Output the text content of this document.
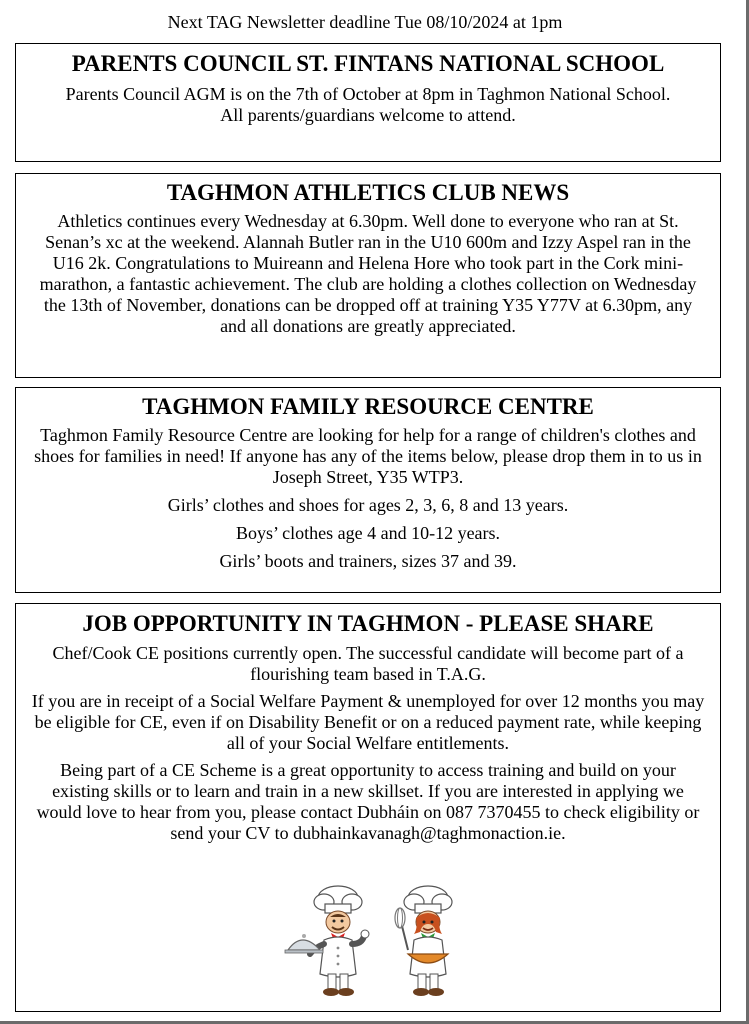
Next TAG Newsletter deadline Tue 08/10/2024 at 1pm
PARENTS COUNCIL ST. FINTANS NATIONAL SCHOOL

Parents Council AGM is on the 7th of October at 8pm in Taghmon National School.

All parents/guardians welcome to attend.

TAGHMON ATHLETICS CLUB NEWS

Athletics continues every Wednesday at 6.30pm. Well done to everyone who ran at St. Senan’s xc at the weekend. Alannah Butler ran in the U10 600m and Izzy Aspel ran in the U16 2k. Congratulations to Muireann and Helena Hore who took part in the Cork mini-marathon, a fantastic achievement. The club are holding a clothes collection on Wednesday the 13th of November, donations can be dropped off at training Y35 Y77V at 6.30pm, any and all donations are greatly appreciated.

TAGHMON FAMILY RESOURCE CENTRE

Taghmon Family Resource Centre are looking for help for a range of children's clothes and shoes for families in need! If anyone has any of the items below, please drop them in to us in Joseph Street, Y35 WTP3.

Girls’ clothes and shoes for ages 2, 3, 6, 8 and 13 years.

Boys’ clothes age 4 and 10-12 years.

Girls’ boots and trainers, sizes 37 and 39.

JOB OPPORTUNITY IN TAGHMON - PLEASE SHARE

Chef/Cook CE positions currently open. The successful candidate will become part of a flourishing team based in T.A.G.

If you are in receipt of a Social Welfare Payment & unemployed for over 12 months you may be eligible for CE, even if on Disability Benefit or on a reduced payment rate, while keeping all of your Social Welfare entitlements.

Being part of a CE Scheme is a great opportunity to access training and build on your existing skills or to learn and train in a new skillset. If you are interested in applying we would love to hear from you, please contact Dubháin on 087 7370455 to check eligibility or send your CV to dubhainkavanagh@taghmonaction.ie.
